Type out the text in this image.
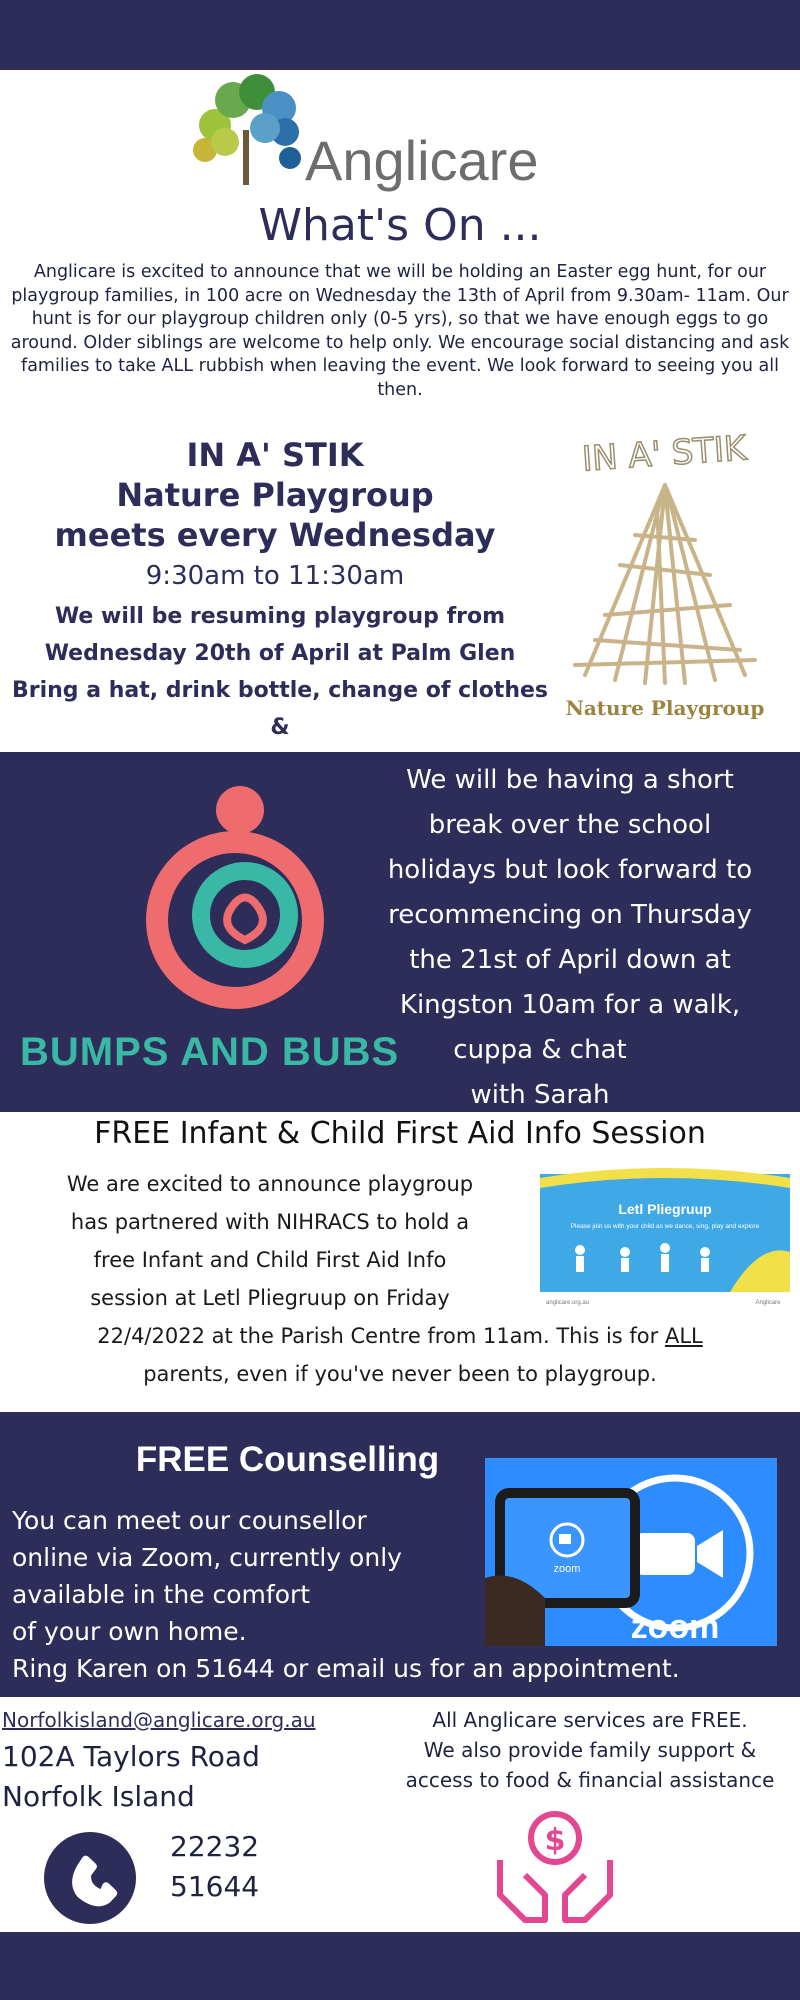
Anglicare
What's On ...
Anglicare is excited to announce that we will be holding an Easter egg hunt, for our playgroup families, in 100 acre on Wednesday the 13th of April from 9.30am- 11am. Our hunt is for our playgroup children only (0-5 yrs), so that we have enough eggs to go around. Older siblings are welcome to help only. We encourage social distancing and ask families to take ALL rubbish when leaving the event. We look forward to seeing you all then.
IN A' STIK
Nature Playgroup
meets every Wednesday
9:30am to 11:30am
We will be resuming playgroup from
Wednesday 20th of April at Palm Glen
Bring a hat, drink bottle, change of clothes &
IN A' STIK
Nature Playgroup
BUMPS AND BUBS
We will be having a short
break over the school
holidays but look forward to
recommencing on Thursday
the 21st of April down at
Kingston 10am for a walk,
cuppa & chat
with Sarah
FREE Infant & Child First Aid Info Session
We are excited to announce playgroup
has partnered with NIHRACS to hold a
free Infant and Child First Aid Info
session at Letl Pliegruup on Friday
22/4/2022 at the Parish Centre from 11am. This is for ALL
parents, even if you've never been to playgroup.
Letl Pliegruup
Please join us with your child as we dance, sing, play and explore
anglicare.org.au	Anglicare
FREE Counselling
You can meet our counsellor
online via Zoom, currently only
available in the comfort
of your own home.
Ring Karen on 51644 or email us for an appointment.
zoom
zoom
Norfolkisland@anglicare.org.au
102A Taylors Road
Norfolk Island
All Anglicare services are FREE.
We also provide family support &
access to food & financial assistance
22232
51644
$
